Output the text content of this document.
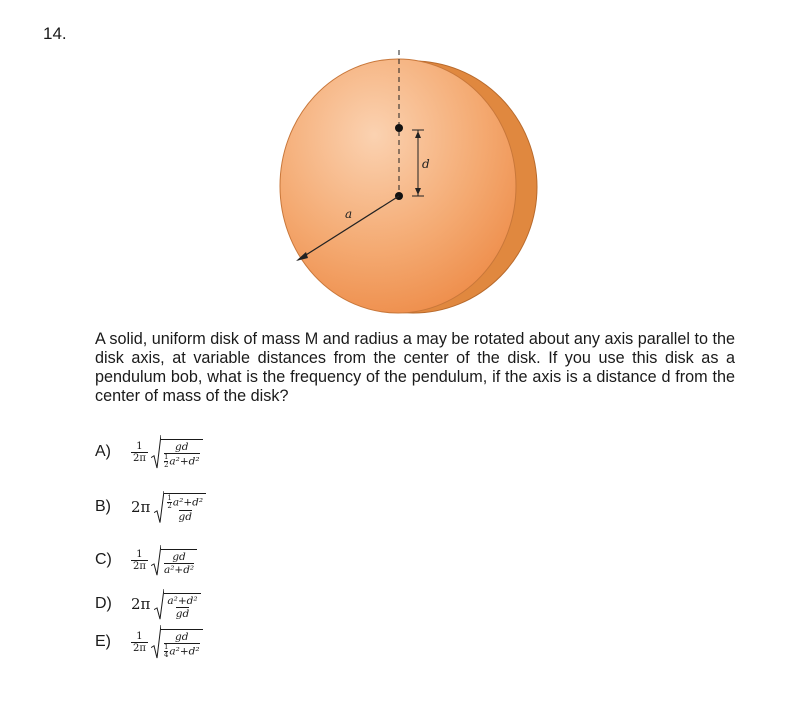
14.
d
a
A solid, uniform disk of mass M and radius a may be rotated about any axis parallel to the disk axis, at variable distances from the center of the disk. If you use this disk as a pendulum bob, what is the frequency of the pendulum, if the axis is a distance d from the center of mass of the disk?
A)	$\frac{1}{2\pi} \frac{gd}{\frac{1}{2} a^2+d^2}$
B)	$2\pi \frac{\frac{1}{2} a^2+d^2}{gd}$
C)	$\frac{1}{2\pi} \frac{gd}{\text{a²+d²}}$
D)	$2\pi \frac{\text{a²+d²}}{gd}$
E)	$\frac{1}{2\pi} \frac{gd}{\frac{1}{4} a^2+d^2}$
